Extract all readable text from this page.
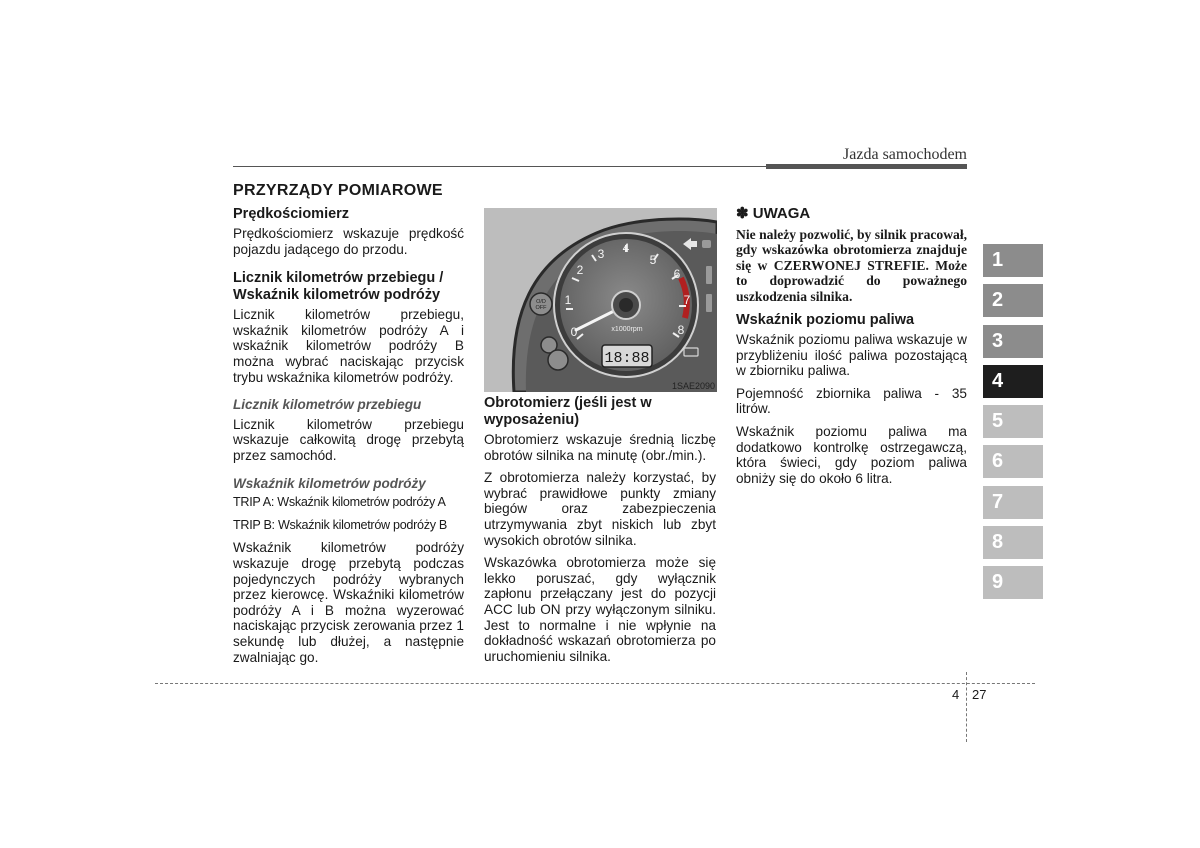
Jazda samochodem
1
2
3
4
5
6
7
8
9
PRZYRZĄDY POMIAROWE
Prędkościomierz

Prędkościomierz wskazuje prędkość pojazdu jadącego do przodu.

Licznik kilometrów przebiegu / Wskaźnik kilometrów podróży

Licznik kilometrów przebiegu, wskaźnik kilometrów podróży A i wskaźnik kilometrów podróży B można wybrać naciskając przycisk trybu wskaźnika kilometrów podróży.

Licznik kilometrów przebiegu

Licznik kilometrów przebiegu wskazuje całkowitą drogę przebytą przez samochód.

Wskaźnik kilometrów podróży

TRIP A: Wskaźnik kilometrów podróży A

TRIP B: Wskaźnik kilometrów podróży B

Wskaźnik kilometrów podróży wskazuje drogę przebytą podczas pojedynczych podróży wybranych przez kierowcę. Wskaźniki kilometrów podróży A i B można wyzerować naciskając przycisk zerowania przez 1 sekundę lub dłużej, a następnie zwalniając go.

0
1
2
3 4
5
6
7
8
x1000rpm
18:88
O/D
OFF
1SAE2090
Obrotomierz (jeśli jest w wyposażeniu)

Obrotomierz wskazuje średnią liczbę obrotów silnika na minutę (obr./min.).

Z obrotomierza należy korzystać, by wybrać prawidłowe punkty zmiany biegów oraz zabezpieczenia utrzymywania zbyt niskich lub zbyt wysokich obrotów silnika.

Wskazówka obrotomierza może się lekko poruszać, gdy wyłącznik zapłonu przełączany jest do pozycji ACC lub ON przy wyłączonym silniku. Jest to normalne i nie wpłynie na dokładność wskazań obrotomierza po uruchomieniu silnika.

✽ UWAGA

Nie należy pozwolić, by silnik pracował, gdy wskazówka obrotomierza znajduje się w CZERWONEJ STREFIE. Może to doprowadzić do poważnego uszkodzenia silnika.

Wskaźnik poziomu paliwa

Wskaźnik poziomu paliwa wskazuje w przybliżeniu ilość paliwa pozostającą w zbiorniku paliwa.

Pojemność zbiornika paliwa - 35 litrów.

Wskaźnik poziomu paliwa ma dodatkowo kontrolkę ostrzegawczą, która świeci, gdy poziom paliwa obniży się do około 6 litra.

4 27
